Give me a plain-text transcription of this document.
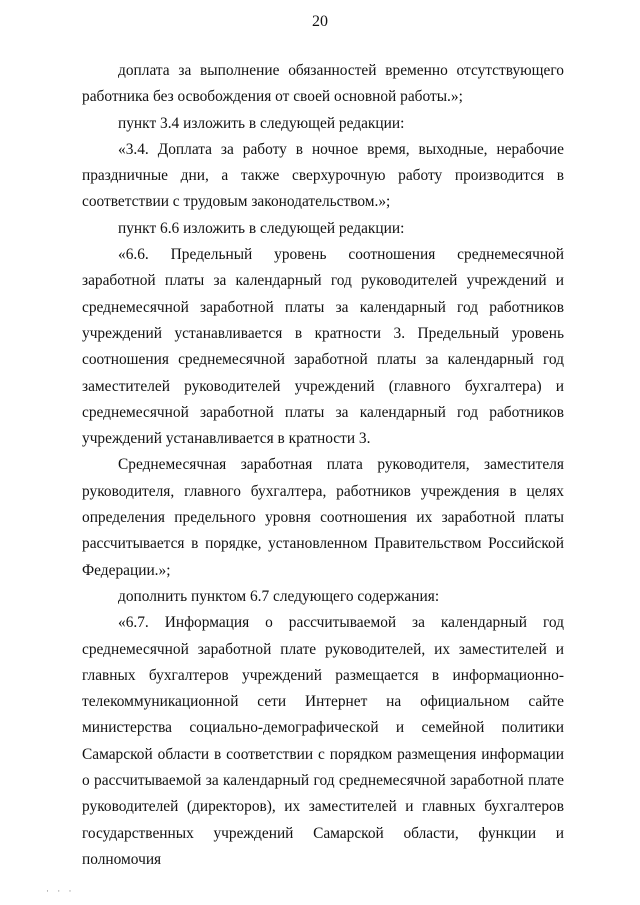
20

доплата за выполнение обязанностей временно отсутствующего работника без освобождения от своей основной работы.»;

пункт 3.4 изложить в следующей редакции:

«3.4. Доплата за работу в ночное время, выходные, нерабочие праздничные дни, а также сверхурочную работу производится в соответствии с трудовым законодательством.»;

пункт 6.6 изложить в следующей редакции:

«6.6. Предельный уровень соотношения среднемесячной заработной платы за календарный год руководителей учреждений и среднемесячной заработной платы за календарный год работников учреждений устанавливается в кратности 3. Предельный уровень соотношения среднемесячной заработной платы за календарный год заместителей руководителей учреждений (главного бухгалтера) и среднемесячной заработной платы за календарный год работников учреждений устанавливается в кратности 3.

Среднемесячная заработная плата руководителя, заместителя руководителя, главного бухгалтера, работников учреждения в целях определения предельного уровня соотношения их заработной платы рассчитывается в порядке, установленном Правительством Российской Федерации.»;

дополнить пунктом 6.7 следующего содержания:

«6.7. Информация о рассчитываемой за календарный год среднемесячной заработной плате руководителей, их заместителей и главных бухгалтеров учреждений размещается в информационно-телекоммуникационной сети Интернет на официальном сайте министерства социально-демографической и семейной политики Самарской области в соответствии с порядком размещения информации о рассчитываемой за календарный год среднемесячной заработной плате руководителей (директоров), их заместителей и главных бухгалтеров государственных учреждений Самарской области, функции и полномочия

· · ·
